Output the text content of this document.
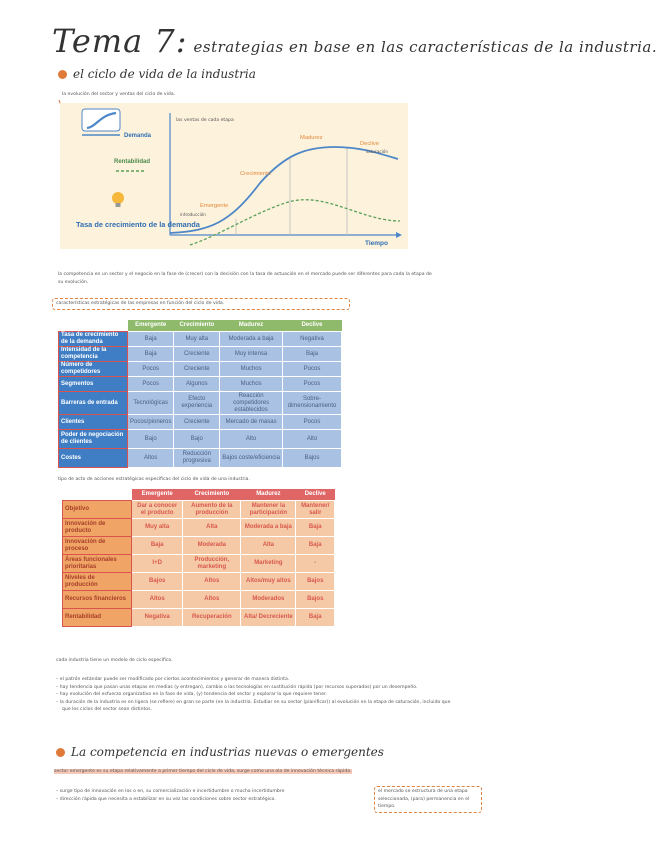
Tema 7: estrategias en base en las características de la industria.
el ciclo de vida de la industria
la evolución del sector y ventas del ciclo de vida.
Demanda
Rentabilidad
Tasa de crecimiento de la demanda
Tiempo
las ventas de cada etapa
Emergente
introducción
Crecimiento
Madurez
Declive
saturación
la competencia en un sector y el negocio en la fase de (crecer) con la decisión con la tasa de actuación en el mercado puede ser diferentes para cada la etapa de
su evolución.
características estratégicas de las empresas en función del ciclo de vida.
	Emergente	Crecimiento	Madurez	Declive
Tasa de crecimiento de la demanda	Baja	Muy alta	Moderada a baja	Negativa
Intensidad de la competencia	Baja	Creciente	Muy intensa	Baja
Número de competidores	Pocos	Creciente	Muchos	Pocos
Segmentos	Pocos	Algunos	Muchos	Pocos
Barreras de entrada	Tecnológicas	Efecto experiencia	Reacción competidores establecidos	Sobre-dimensionamiento
Clientes	Pocos/pioneros	Creciente	Mercado de masas	Pocos
Poder de negociación de clientes	Bajo	Bajo	Alto	Alto
Costes	Altos	Reducción progresiva	Bajos coste/eficiencia	Bajos
tipo de acto de acciones estratégicas específicas del ciclo de vida de una industria.
	Emergente	Crecimiento	Madurez	Declive
Objetivo	Dar a conocer el producto	Aumento de la producción	Mantener la participación	Mantener/ salir
Innovación de producto	Muy alta	Alta	Moderada a baja	Baja
Innovación de proceso	Baja	Moderada	Alta	Baja
Áreas funcionales prioritarias	I+D	Producción, marketing	Marketing	-
Niveles de producción	Bajos	Altos	Altos/muy altos	Bajos
Recursos financieros	Altos	Altos	Moderados	Bajos
Rentabilidad	Negativa	Recuperación	Alta/ Decreciente	Baja
cada industria tiene un modelo de ciclo específico.
– el patrón estándar puede ser modificado por ciertos acontecimientos y generar de manera distinta.
– hay tendencia que pasan unas etapas en medias (y entregan), cambio o las tecnologías en sustitución rápida (por recursos superados) por un desempeño.
– hay evolución del esfuerzo organizativo en la fase de vida, (y) tendencia del sector y explorar lo que requiere tener.
– la duración de la industria es en ligera (se refiere) en gran se parte (en la industria. Estudiar en su sector (planificar)) al evolución en la etapa de saturación, incluido que
que los ciclos del sector sean distintos.
La competencia en industrias nuevas o emergentes
sector emergente es su etapa relativamente a primer tiempo del ciclo de vida, surge como una ola de innovación técnica rápida.
– surge tipo de innovación en los o en, su comercialización e incertidumbre o mucha incertidumbre
– dirección rápida que necesita a estabilizar en su vez las condiciones sobre sector estratégico.
el mercado se estructura de una etapa seleccionada, (para) permanencia en el tiempo.
